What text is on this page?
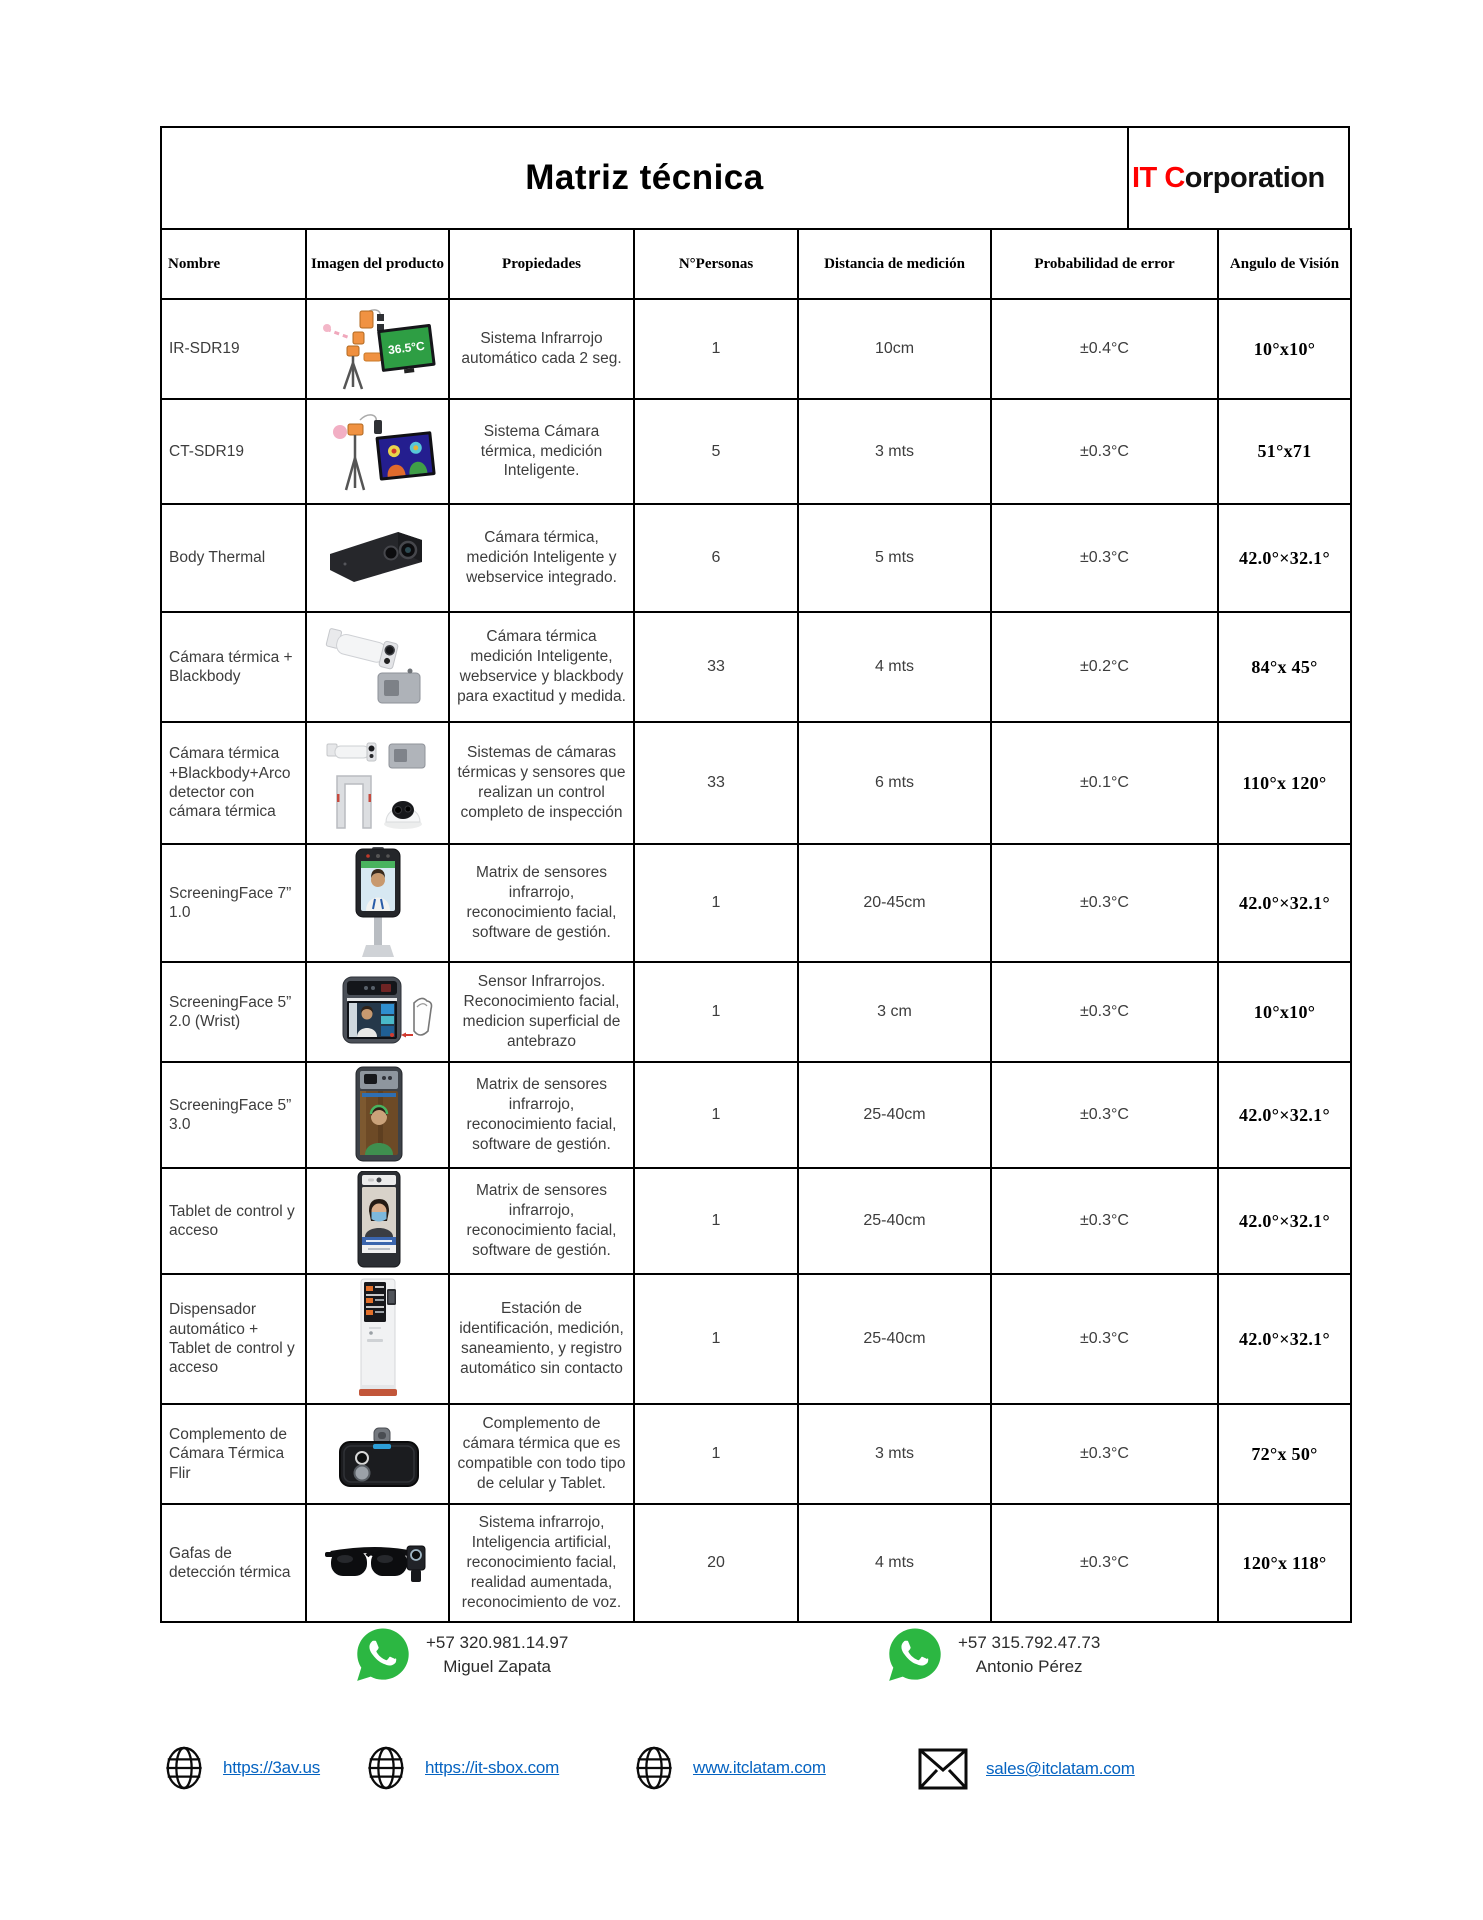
Matriz técnica	IT Corporation
Nombre	Imagen del producto	Propiedades	N°Personas	Distancia de medición	Probabilidad de error	Angulo de Visión
IR-SDR19	36.5°C	Sistema Infrarrojo automático cada 2 seg.	1	10cm	±0.4°C	10°x10°
CT-SDR19		Sistema Cámara térmica, medición Inteligente.	5	3 mts	±0.3°C	51°x71
Body Thermal		Cámara térmica, medición Inteligente y webservice integrado.	6	5 mts	±0.3°C	42.0°×32.1°
Cámara térmica + Blackbody		Cámara térmica medición Inteligente, webservice y blackbody para exactitud y medida.	33	4 mts	±0.2°C	84°x 45°
Cámara térmica +Blackbody+Arco detector con cámara térmica		Sistemas de cámaras térmicas y sensores que realizan un control completo de inspección	33	6 mts	±0.1°C	110°x 120°
ScreeningFace 7” 1.0		Matrix de sensores infrarrojo, reconocimiento facial, software de gestión.	1	20-45cm	±0.3°C	42.0°×32.1°
ScreeningFace 5” 2.0 (Wrist)		Sensor Infrarrojos. Reconocimiento facial, medicion superficial de antebrazo	1	3 cm	±0.3°C	10°x10°
ScreeningFace 5” 3.0		Matrix de sensores infrarrojo, reconocimiento facial, software de gestión.	1	25-40cm	±0.3°C	42.0°×32.1°
Tablet de control y acceso		Matrix de sensores infrarrojo, reconocimiento facial, software de gestión.	1	25-40cm	±0.3°C	42.0°×32.1°
Dispensador automático + Tablet de control y acceso		Estación de identificación, medición, saneamiento, y registro automático sin contacto	1	25-40cm	±0.3°C	42.0°×32.1°
Complemento de Cámara Térmica Flir		Complemento de cámara térmica que es compatible con todo tipo de celular y Tablet.	1	3 mts	±0.3°C	72°x 50°
Gafas de detección térmica		Sistema infrarrojo, Inteligencia artificial, reconocimiento facial, realidad aumentada, reconocimiento de voz.	20	4 mts	±0.3°C	120°x 118°
+57 320.981.14.97
Miguel Zapata
+57 315.792.47.73
Antonio Pérez
https://3av.us	https://it-sbox.com	www.itclatam.com	sales@itclatam.com
